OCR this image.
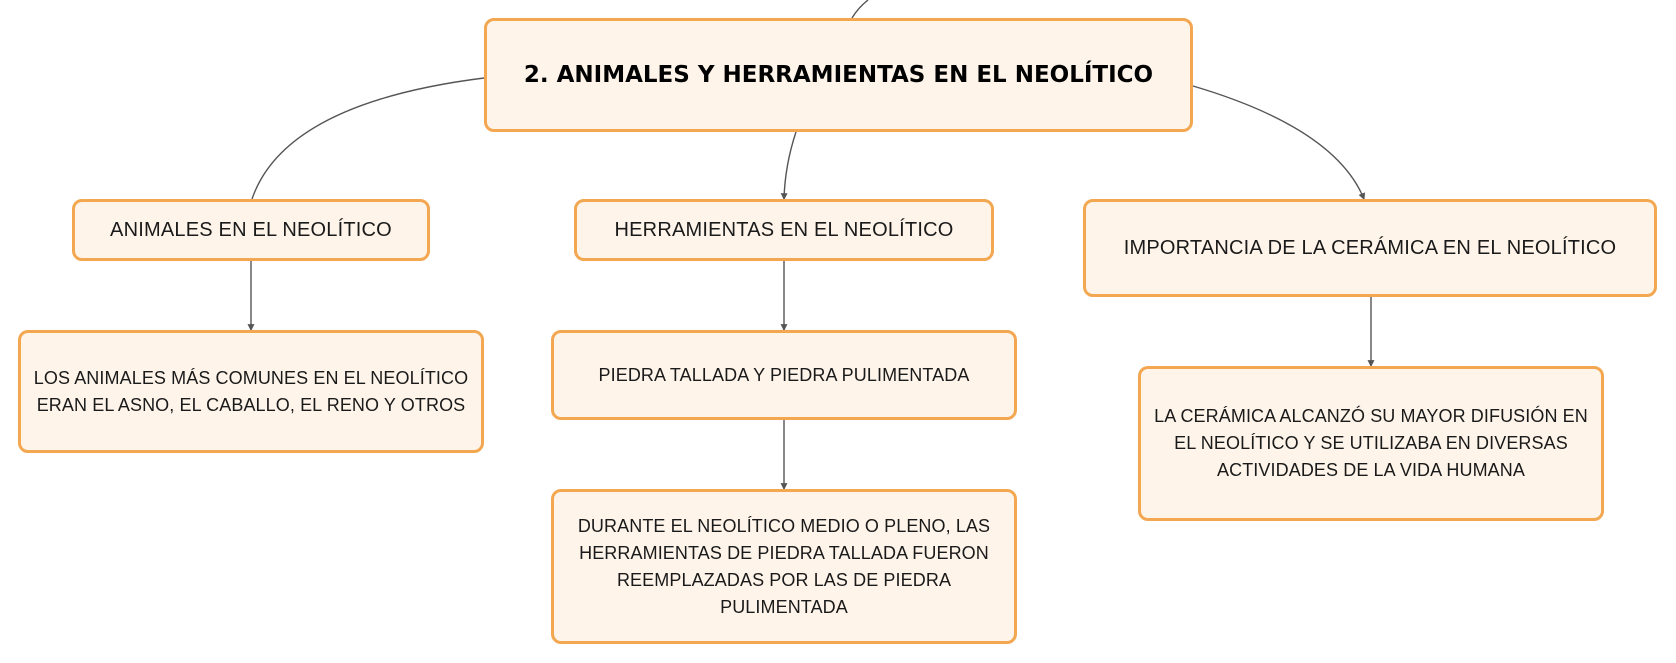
2. ANIMALES Y HERRAMIENTAS EN EL NEOLÍTICO
ANIMALES EN EL NEOLÍTICO
LOS ANIMALES MÁS COMUNES EN EL NEOLÍTICO ERAN EL ASNO, EL CABALLO, EL RENO Y OTROS
HERRAMIENTAS EN EL NEOLÍTICO
PIEDRA TALLADA Y PIEDRA PULIMENTADA
DURANTE EL NEOLÍTICO MEDIO O PLENO, LAS HERRAMIENTAS DE PIEDRA TALLADA FUERON REEMPLAZADAS POR LAS DE PIEDRA PULIMENTADA
IMPORTANCIA DE LA CERÁMICA EN EL NEOLÍTICO
LA CERÁMICA ALCANZÓ SU MAYOR DIFUSIÓN EN EL NEOLÍTICO Y SE UTILIZABA EN DIVERSAS ACTIVIDADES DE LA VIDA HUMANA
